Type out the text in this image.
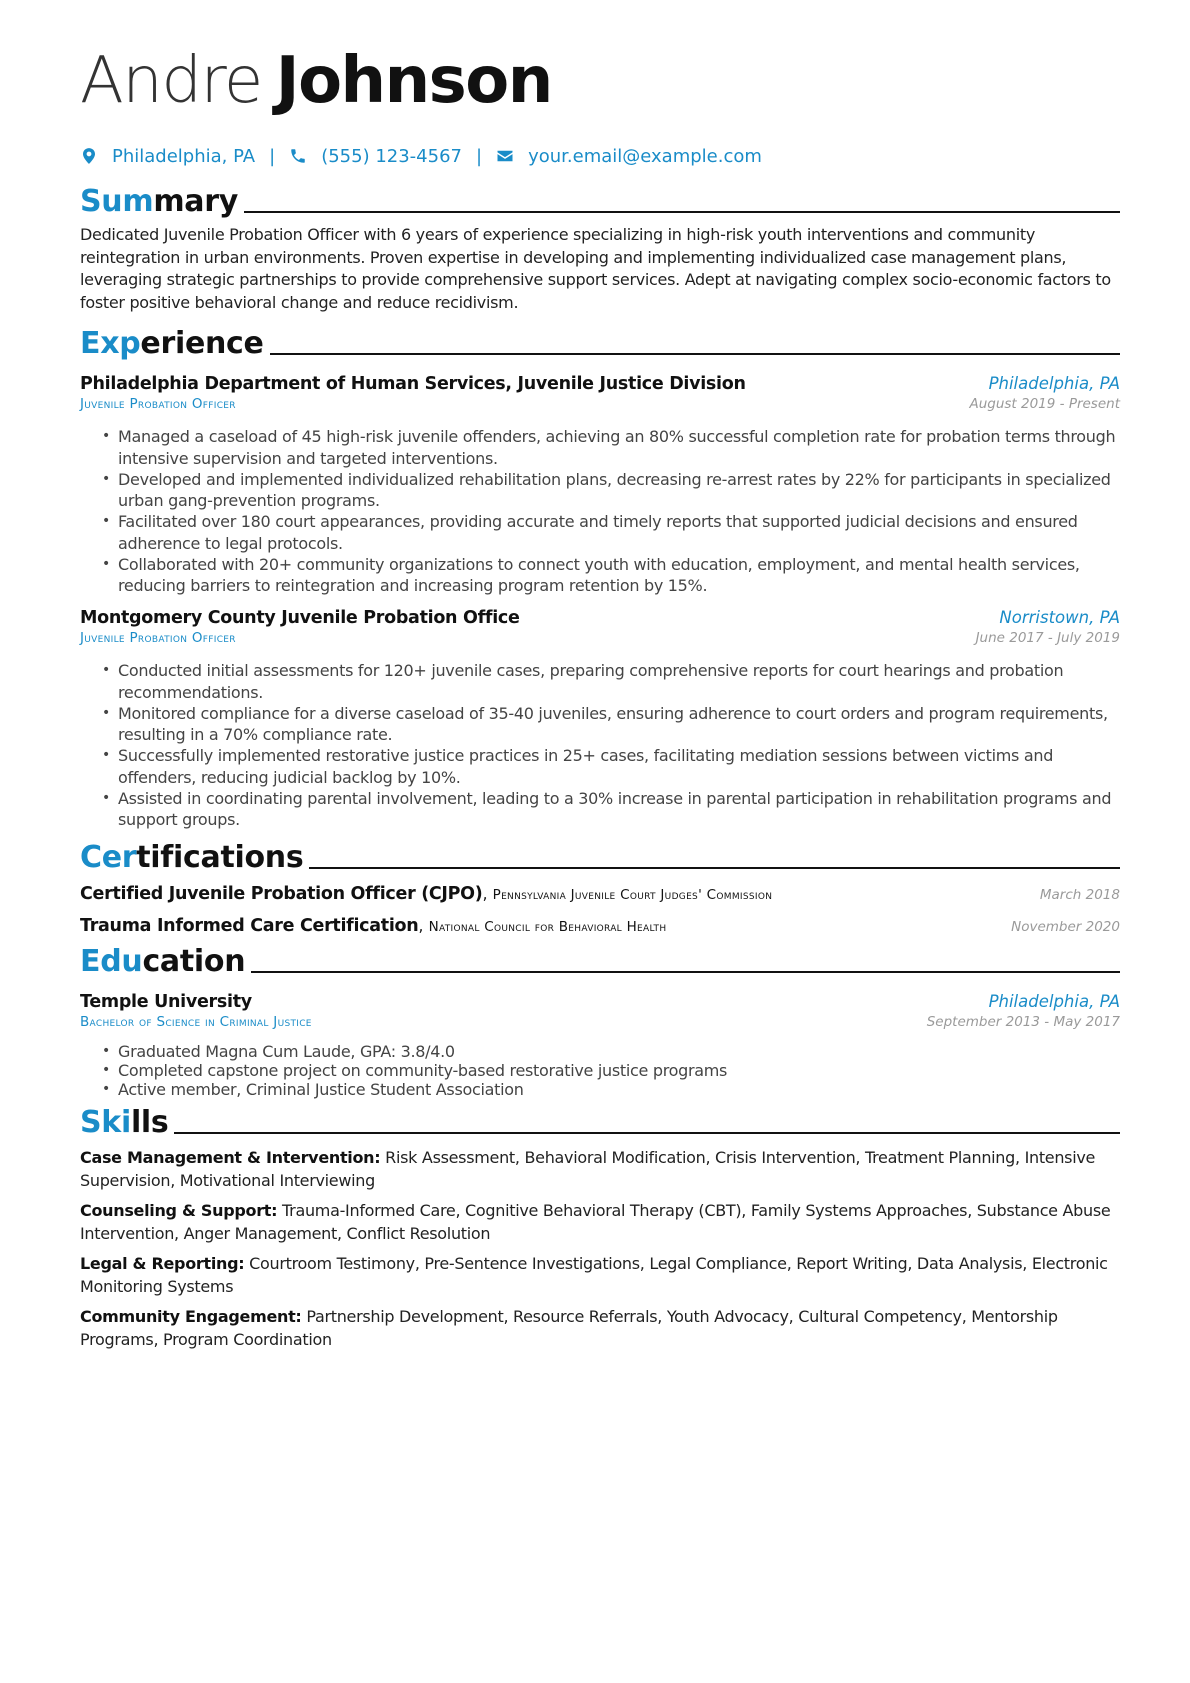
Andre Johnson
Philadelphia, PA |	(555) 123-4567 |	your.email@example.com
Summary

Dedicated Juvenile Probation Officer with 6 years of experience specializing in high-risk youth interventions and community reintegration in urban environments. Proven expertise in developing and implementing individualized case management plans, leveraging strategic partnerships to provide comprehensive support services. Adept at navigating complex socio-economic factors to foster positive behavioral change and reduce recidivism.

Experience
Philadelphia Department of Human Services, Juvenile Justice Division	Philadelphia, PA
Juvenile Probation Officer	August 2019 - Present
• Managed a caseload of 45 high-risk juvenile offenders, achieving an 80% successful completion rate for probation terms through intensive supervision and targeted interventions.
• Developed and implemented individualized rehabilitation plans, decreasing re-arrest rates by 22% for participants in specialized urban gang-prevention programs.
• Facilitated over 180 court appearances, providing accurate and timely reports that supported judicial decisions and ensured adherence to legal protocols.
• Collaborated with 20+ community organizations to connect youth with education, employment, and mental health services, reducing barriers to reintegration and increasing program retention by 15%.
Montgomery County Juvenile Probation Office	Norristown, PA
Juvenile Probation Officer	June 2017 - July 2019
• Conducted initial assessments for 120+ juvenile cases, preparing comprehensive reports for court hearings and probation recommendations.
• Monitored compliance for a diverse caseload of 35-40 juveniles, ensuring adherence to court orders and program requirements, resulting in a 70% compliance rate.
• Successfully implemented restorative justice practices in 25+ cases, facilitating mediation sessions between victims and offenders, reducing judicial backlog by 10%.
• Assisted in coordinating parental involvement, leading to a 30% increase in parental participation in rehabilitation programs and support groups.
Certifications
Certified Juvenile Probation Officer (CJPO), Pennsylvania Juvenile Court Judges' Commission	March 2018
Trauma Informed Care Certification, National Council for Behavioral Health	November 2020
Education
Temple University	Philadelphia, PA
Bachelor of Science in Criminal Justice	September 2013 - May 2017
• Graduated Magna Cum Laude, GPA: 3.8/4.0
• Completed capstone project on community-based restorative justice programs
• Active member, Criminal Justice Student Association
Skills

Case Management & Intervention: Risk Assessment, Behavioral Modification, Crisis Intervention, Treatment Planning, Intensive Supervision, Motivational Interviewing

Counseling & Support: Trauma-Informed Care, Cognitive Behavioral Therapy (CBT), Family Systems Approaches, Substance Abuse Intervention, Anger Management, Conflict Resolution

Legal & Reporting: Courtroom Testimony, Pre-Sentence Investigations, Legal Compliance, Report Writing, Data Analysis, Electronic Monitoring Systems

Community Engagement: Partnership Development, Resource Referrals, Youth Advocacy, Cultural Competency, Mentorship Programs, Program Coordination
